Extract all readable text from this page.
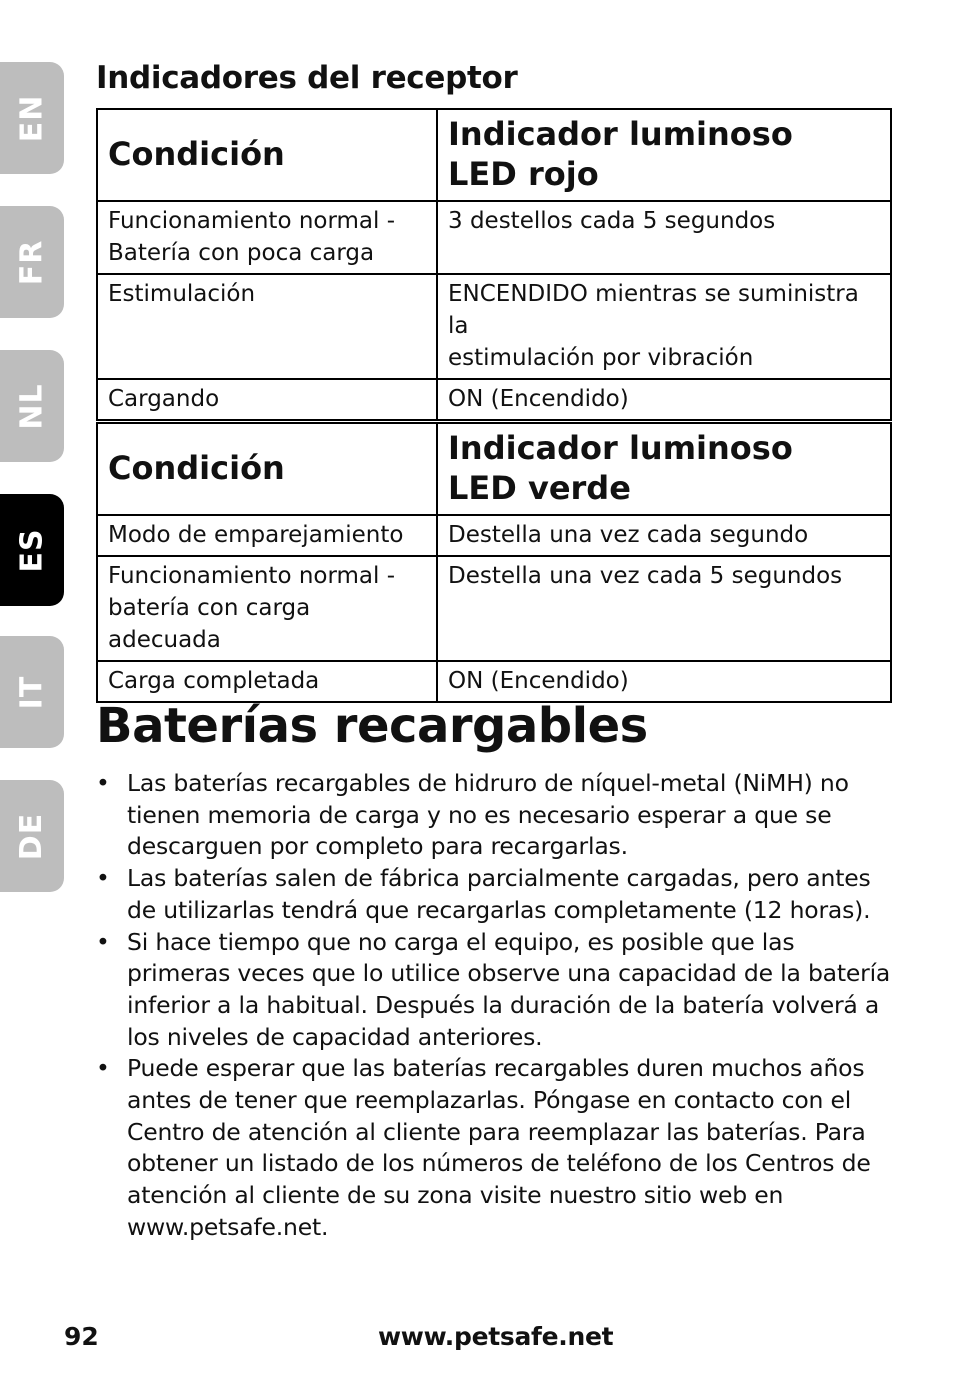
EN
FR
NL
ES
IT
DE
Indicadores del receptor
Condición	Indicador luminoso
LED rojo
Funcionamiento normal -
Batería con poca carga	3 destellos cada 5 segundos
Estimulación	ENCENDIDO mientras se suministra la
estimulación por vibración
Cargando	ON (Encendido)
Condición	Indicador luminoso
LED verde
Modo de emparejamiento	Destella una vez cada segundo
Funcionamiento normal -
batería con carga adecuada	Destella una vez cada 5 segundos
Carga completada	ON (Encendido)
Baterías recargables
• Las baterías recargables de hidruro de níquel-metal (NiMH) no tienen memoria de carga y no es necesario esperar a que se descarguen por completo para recargarlas.
• Las baterías salen de fábrica parcialmente cargadas, pero antes de utilizarlas tendrá que recargarlas completamente (12 horas).
• Si hace tiempo que no carga el equipo, es posible que las primeras veces que lo utilice observe una capacidad de la batería inferior a la habitual. Después la duración de la batería volverá a los niveles de capacidad anteriores.
• Puede esperar que las baterías recargables duren muchos años antes de tener que reemplazarlas. Póngase en contacto con el Centro de atención al cliente para reemplazar las baterías. Para obtener un listado de los números de teléfono de los Centros de atención al cliente de su zona visite nuestro sitio web en www.petsafe.net.
92	www.petsafe.net
